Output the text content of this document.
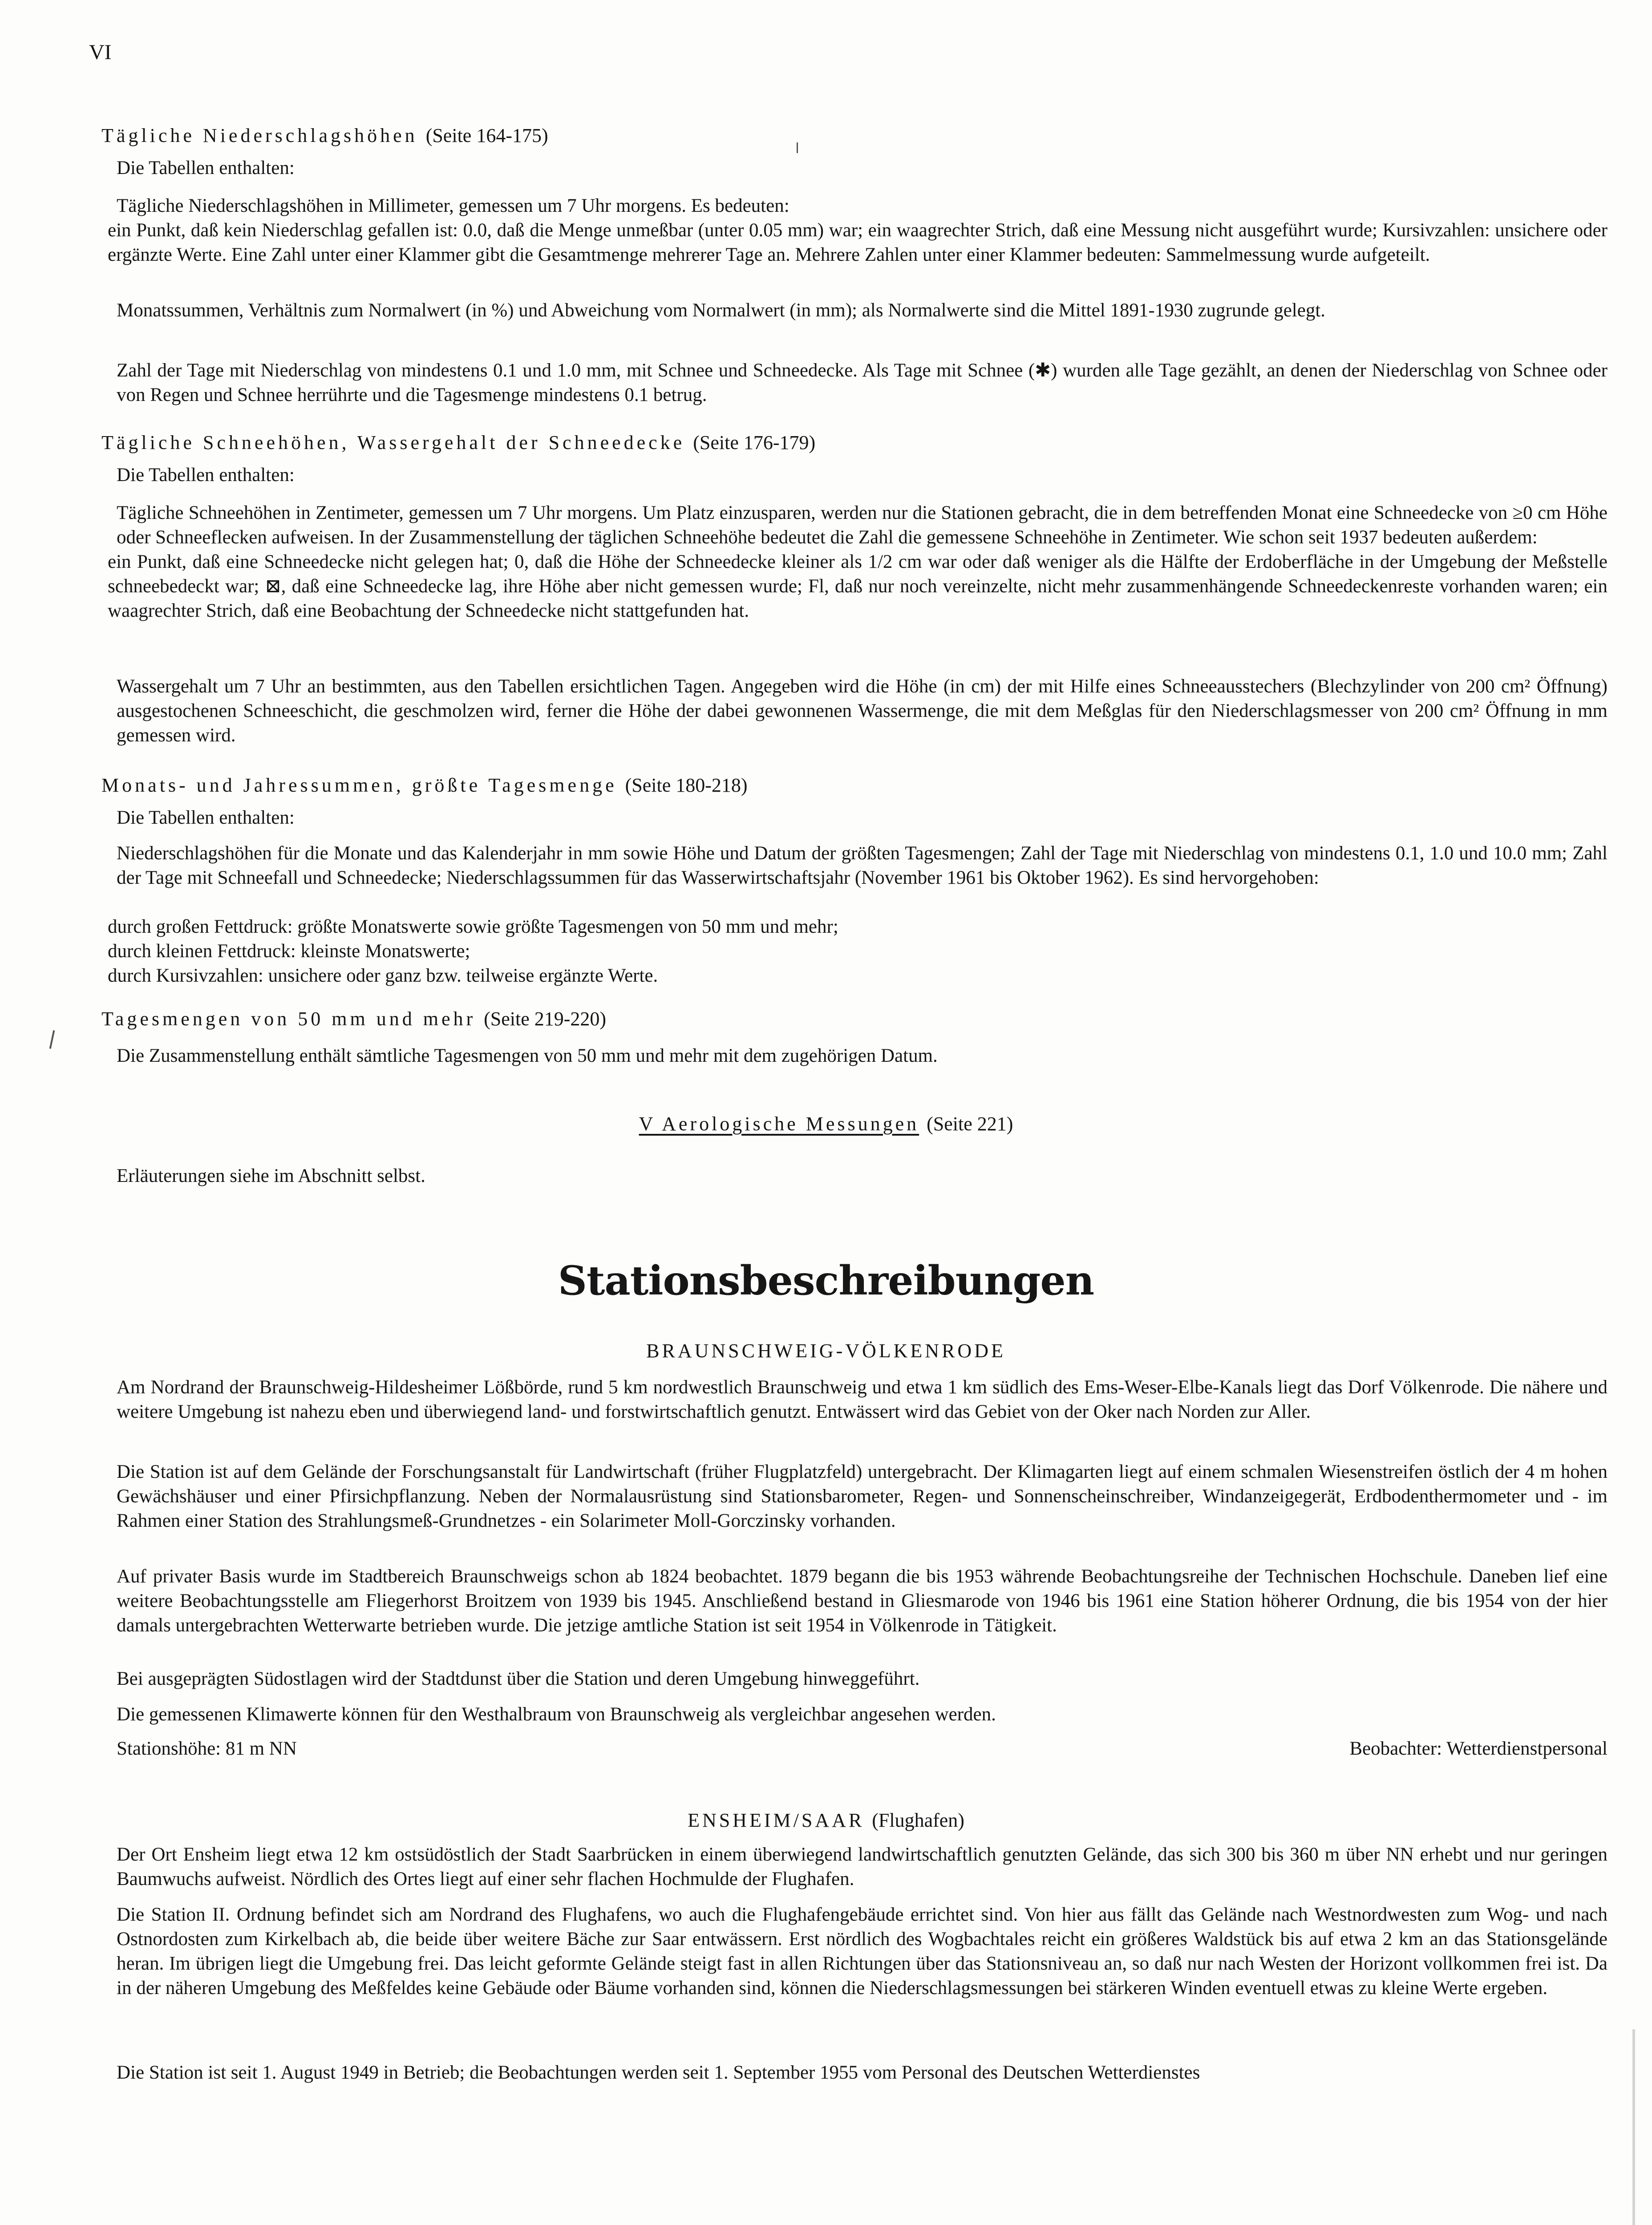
VI
Tägliche Niederschlagshöhen (Seite 164-175)
Die Tabellen enthalten:
Tägliche Niederschlagshöhen in Millimeter, gemessen um 7 Uhr morgens. Es bedeuten:
ein Punkt, daß kein Niederschlag gefallen ist: 0.0, daß die Menge unmeßbar (unter 0.05 mm) war; ein waagrechter Strich, daß eine Messung nicht ausgeführt wurde; Kursivzahlen: unsichere oder ergänzte Werte. Eine Zahl unter einer Klammer gibt die Gesamtmenge mehrerer Tage an. Mehrere Zahlen unter einer Klammer bedeuten: Sammelmessung wurde aufgeteilt.
Monatssummen, Verhältnis zum Normalwert (in %) und Abweichung vom Normalwert (in mm); als Normalwerte sind die Mittel 1891-1930 zugrunde gelegt.
Zahl der Tage mit Niederschlag von mindestens 0.1 und 1.0 mm, mit Schnee und Schneedecke. Als Tage mit Schnee (✱) wurden alle Tage gezählt, an denen der Niederschlag von Schnee oder von Regen und Schnee herrührte und die Tagesmenge mindestens 0.1 betrug.
Tägliche Schneehöhen, Wassergehalt der Schneedecke (Seite 176-179)
Die Tabellen enthalten:
Tägliche Schneehöhen in Zentimeter, gemessen um 7 Uhr morgens. Um Platz einzusparen, werden nur die Stationen gebracht, die in dem betreffenden Monat eine Schneedecke von ≥0 cm Höhe oder Schneeflecken aufweisen. In der Zusammenstellung der täglichen Schneehöhe bedeutet die Zahl die gemessene Schneehöhe in Zentimeter. Wie schon seit 1937 bedeuten außerdem:
ein Punkt, daß eine Schneedecke nicht gelegen hat; 0, daß die Höhe der Schneedecke kleiner als 1/2 cm war oder daß weniger als die Hälfte der Erdoberfläche in der Umgebung der Meßstelle schneebedeckt war; ⊠, daß eine Schneedecke lag, ihre Höhe aber nicht gemessen wurde; Fl, daß nur noch vereinzelte, nicht mehr zusammenhängende Schneedeckenreste vorhanden waren; ein waagrechter Strich, daß eine Beobachtung der Schneedecke nicht stattgefunden hat.
Wassergehalt um 7 Uhr an bestimmten, aus den Tabellen ersichtlichen Tagen. Angegeben wird die Höhe (in cm) der mit Hilfe eines Schneeausstechers (Blechzylinder von 200 cm² Öffnung) ausgestochenen Schneeschicht, die geschmolzen wird, ferner die Höhe der dabei gewonnenen Wassermenge, die mit dem Meßglas für den Niederschlagsmesser von 200 cm² Öffnung in mm gemessen wird.
Monats- und Jahressummen, größte Tagesmenge (Seite 180-218)
Die Tabellen enthalten:
Niederschlagshöhen für die Monate und das Kalenderjahr in mm sowie Höhe und Datum der größten Tagesmengen; Zahl der Tage mit Niederschlag von mindestens 0.1, 1.0 und 10.0 mm; Zahl der Tage mit Schneefall und Schneedecke; Niederschlagssummen für das Wasserwirtschaftsjahr (November 1961 bis Oktober 1962). Es sind hervorgehoben:
durch großen Fettdruck: größte Monatswerte sowie größte Tagesmengen von 50 mm und mehr;
durch kleinen Fettdruck: kleinste Monatswerte;
durch Kursivzahlen: unsichere oder ganz bzw. teilweise ergänzte Werte.
Tagesmengen von 50 mm und mehr (Seite 219-220)
Die Zusammenstellung enthält sämtliche Tagesmengen von 50 mm und mehr mit dem zugehörigen Datum.
V Aerologische Messungen (Seite 221)
Erläuterungen siehe im Abschnitt selbst.
Stationsbeschreibungen
BRAUNSCHWEIG-VÖLKENRODE
Am Nordrand der Braunschweig-Hildesheimer Lößbörde, rund 5 km nordwestlich Braunschweig und etwa 1 km südlich des Ems-Weser-Elbe-Kanals liegt das Dorf Völkenrode. Die nähere und weitere Umgebung ist nahezu eben und überwiegend land- und forstwirtschaftlich genutzt. Entwässert wird das Gebiet von der Oker nach Norden zur Aller.
Die Station ist auf dem Gelände der Forschungsanstalt für Landwirtschaft (früher Flugplatzfeld) untergebracht. Der Klimagarten liegt auf einem schmalen Wiesenstreifen östlich der 4 m hohen Gewächshäuser und einer Pfirsichpflanzung. Neben der Normalausrüstung sind Stationsbarometer, Regen- und Sonnenscheinschreiber, Windanzeigegerät, Erdbodenthermometer und - im Rahmen einer Station des Strahlungsmeß-Grundnetzes - ein Solarimeter Moll-Gorczinsky vorhanden.
Auf privater Basis wurde im Stadtbereich Braunschweigs schon ab 1824 beobachtet. 1879 begann die bis 1953 währende Beobachtungsreihe der Technischen Hochschule. Daneben lief eine weitere Beobachtungsstelle am Fliegerhorst Broitzem von 1939 bis 1945. Anschließend bestand in Gliesmarode von 1946 bis 1961 eine Station höherer Ordnung, die bis 1954 von der hier damals untergebrachten Wetterwarte betrieben wurde. Die jetzige amtliche Station ist seit 1954 in Völkenrode in Tätigkeit.
Bei ausgeprägten Südostlagen wird der Stadtdunst über die Station und deren Umgebung hinweggeführt.
Die gemessenen Klimawerte können für den Westhalbraum von Braunschweig als vergleichbar angesehen werden.
Stationshöhe: 81 m NN	Beobachter: Wetterdienstpersonal
ENSHEIM/SAAR (Flughafen)
Der Ort Ensheim liegt etwa 12 km ostsüdöstlich der Stadt Saarbrücken in einem überwiegend landwirtschaftlich genutzten Gelände, das sich 300 bis 360 m über NN erhebt und nur geringen Baumwuchs aufweist. Nördlich des Ortes liegt auf einer sehr flachen Hochmulde der Flughafen.
Die Station II. Ordnung befindet sich am Nordrand des Flughafens, wo auch die Flughafengebäude errichtet sind. Von hier aus fällt das Gelände nach Westnordwesten zum Wog- und nach Ostnordosten zum Kirkelbach ab, die beide über weitere Bäche zur Saar entwässern. Erst nördlich des Wogbachtales reicht ein größeres Waldstück bis auf etwa 2 km an das Stationsgelände heran. Im übrigen liegt die Umgebung frei. Das leicht geformte Gelände steigt fast in allen Richtungen über das Stationsniveau an, so daß nur nach Westen der Horizont vollkommen frei ist. Da in der näheren Umgebung des Meßfeldes keine Gebäude oder Bäume vorhanden sind, können die Niederschlagsmessungen bei stärkeren Winden eventuell etwas zu kleine Werte ergeben.
Die Station ist seit 1. August 1949 in Betrieb; die Beobachtungen werden seit 1. September 1955 vom Personal des Deutschen Wetterdienstes
